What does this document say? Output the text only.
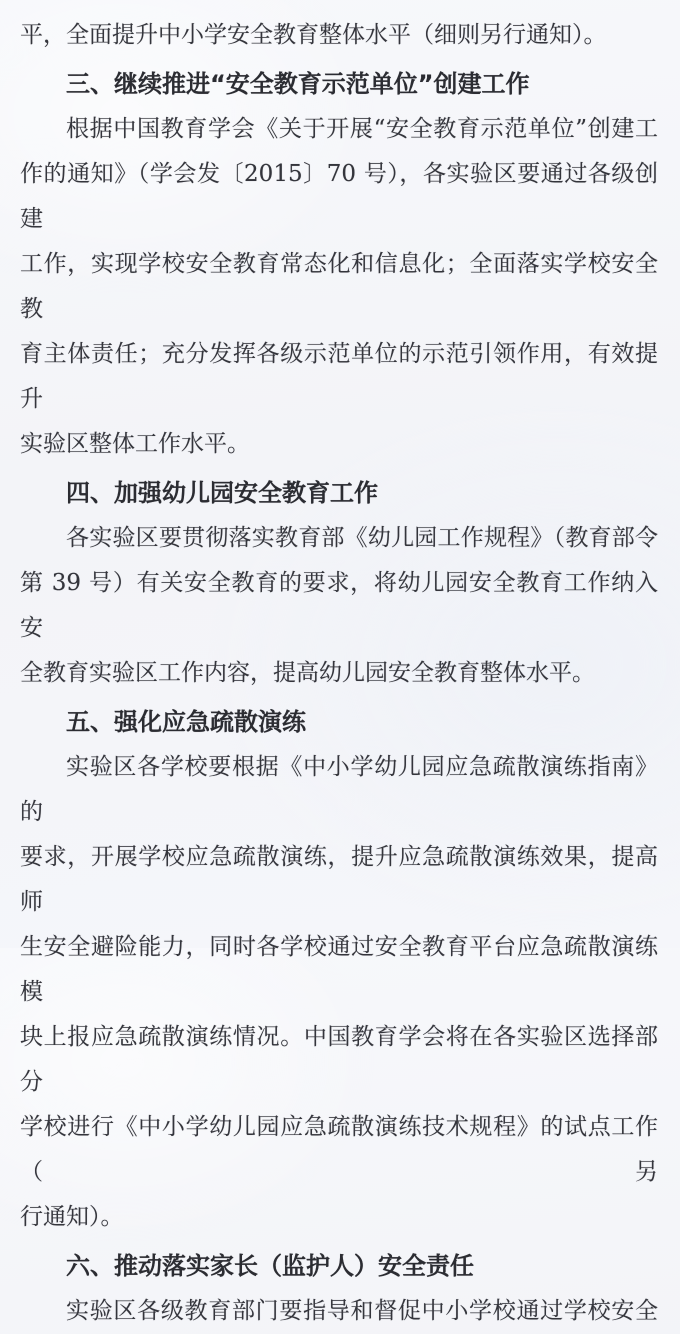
平，全面提升中小学安全教育整体水平（细则另行通知）。
三、继续推进“安全教育示范单位”创建工作
根据中国教育学会《关于开展“安全教育示范单位”创建工
作的通知》（学会发〔2015〕70 号），各实验区要通过各级创建
工作，实现学校安全教育常态化和信息化；全面落实学校安全教
育主体责任；充分发挥各级示范单位的示范引领作用，有效提升
实验区整体工作水平。
四、加强幼儿园安全教育工作
各实验区要贯彻落实教育部《幼儿园工作规程》（教育部令
第 39 号）有关安全教育的要求，将幼儿园安全教育工作纳入安
全教育实验区工作内容，提高幼儿园安全教育整体水平。
五、强化应急疏散演练
实验区各学校要根据《中小学幼儿园应急疏散演练指南》的
要求，开展学校应急疏散演练，提升应急疏散演练效果，提高师
生安全避险能力，同时各学校通过安全教育平台应急疏散演练模
块上报应急疏散演练情况。中国教育学会将在各实验区选择部分
学校进行《中小学幼儿园应急疏散演练技术规程》的试点工作（另
行通知）。
六、推动落实家长（监护人）安全责任
实验区各级教育部门要指导和督促中小学校通过学校安全
